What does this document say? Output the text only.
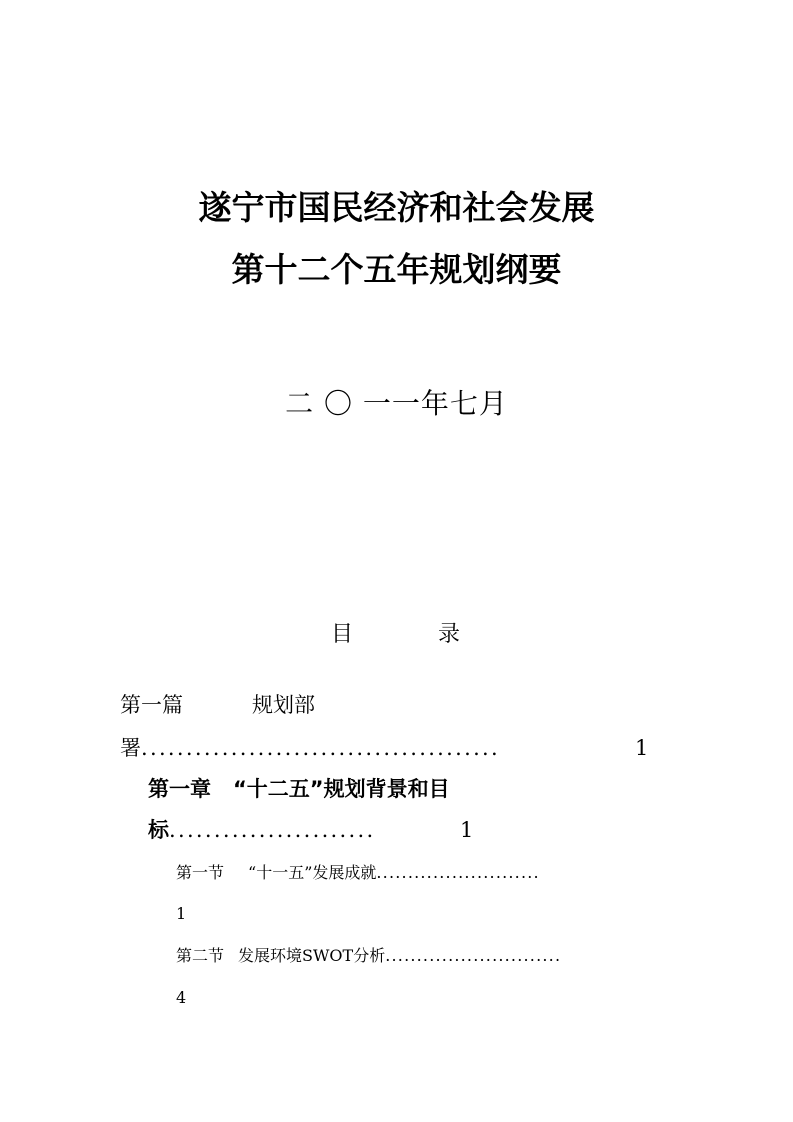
遂宁市国民经济和社会发展
第十二个五年规划纲要
二 〇 一一年七月
目	录
第一篇	规划部
署........................................	1
第一章 “十二五”规划背景和目
标.......................	1
第一节 “十一五”发展成就..........................
1
第二节 发展环境SWOT分析............................
4
